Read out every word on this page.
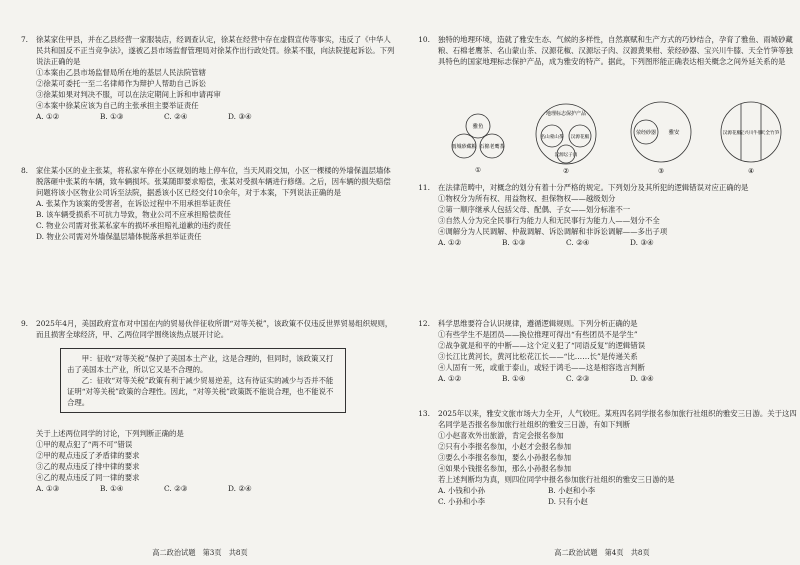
7. 徐某家住甲县，并在乙县经营一家服装店，经调查认定，徐某在经营中存在虚假宣传等事实，违反了《中华人民共和国反不正当竞争法》，遂被乙县市场监督管理局对徐某作出行政处罚。徐某不服，向法院提起诉讼。下列说法正确的是
①本案由乙县市场监督局所在地的基层人民法院管辖
②徐某可委托一至二名律师作为辩护人帮助自己诉讼
③徐某如果对判决不服，可以在法定期间上诉和申请再审
④本案中徐某应该为自己的主张承担主要举证责任
A. ①②	B. ①③	C. ②④	D. ③④
8. 家住某小区的业主张某，将私家车停在小区规划的地上停车位，当天风雨交加，小区一棵楼的外墙保温层墙体脱落砸中张某的车辆，致车辆损坏。张某随即要求赔偿，张某对受损车辆进行修缮。之后，因车辆的损失赔偿问题将该小区物业公司诉至法院，据悉该小区已经交付10余年，对于本案，下列说法正确的是
A. 张某作为该案的受害者，在诉讼过程中不用承担举证责任
B. 该车辆受损系不可抗力导致，物业公司不应承担赔偿责任
C. 物业公司需对张某私家车的损坏承担赔礼道歉的违约责任
D. 物业公司需对外墙保温层墙体脱落承担举证责任
9. 2025年4月，美国政府宣布对中国在内的贸易伙伴征收所谓“对等关税”，该政策不仅违反世界贸易组织规则，而且损害全球经济，甲、乙两位同学围绕该热点展开讨论。

甲：征收“对等关税”保护了美国本土产业，这是合理的，但同时，该政策又打击了美国本土产业，所以它又是不合理的。

乙：征收“对等关税”政策有利于减少贸易逆差，这有待证实的减少与否并不能证明“对等关税”政策的合理性。因此，“对等关税”政策既不能说合理，也不能说不合理。

关于上述两位同学的讨论，下列判断正确的是
①甲的观点犯了“两不可”错误
②甲的观点违反了矛盾律的要求
③乙的观点违反了排中律的要求
④乙的观点违反了同一律的要求
A. ①③	B. ①④	C. ②③	D. ②④
高二政治试题　第3页　共8页
10. 独特的地理环境，造就了雅安生态、气候的多样性，自然禀赋和生产方式的巧妙结合，孕育了雅鱼、雨城砂藏粮、石棉老鹰茶、名山蒙山茶、汉源花椒、汉源坛子肉、汉源黄果柑、荥经砂器、宝兴川牛膝、天全竹笋等独具特色的国家地理标志保护产品，成为雅安的特产。据此，下列图形能正确表达相关概念之间外延关系的是
雅鱼
雨城砂藏粮 石棉老鹰茶
①
地理标志保护产品
名山蒙山茶 汉源花椒
汉源坛子肉
②
荥经砂器 雅安
③
汉源花椒
宝兴川牛膝
天全竹笋
④
11. 在法律范畴中，对概念的划分有着十分严格的规定。下列划分及其所犯的逻辑错误对应正确的是
①物权分为所有权、用益物权、担保物权——越级划分
②第一顺序继承人包括父母、配偶、子女——划分标准不一
③自然人分为完全民事行为能力人和无民事行为能力人——划分不全
④调解分为人民调解、仲裁调解、诉讼调解和非诉讼调解——多出子项
A. ①②	B. ①③	C. ②④	D. ③④
12. 科学思维要符合认识规律，遵循逻辑规则。下列分析正确的是
①有些学生不是团员——换位推理可得出“有些团员不是学生”
②战争就是和平的中断——这个定义犯了“同语反复”的逻辑错误
③长江比黄河长，黄河比松花江长——“比……长”是传递关系
④人固有一死，或重于泰山，或轻于鸿毛——这是相容选言判断
A. ①②	B. ①④	C. ②③	D. ③④
13. 2025年以来，雅安文旅市场大力全开，人气较旺。某班四名同学报名参加旅行社组织的雅安三日游。关于这四名同学是否报名参加旅行社组织的雅安三日游，有如下判断
①小赵喜欢外出旅游，肯定会报名参加
②只有小李报名参加，小赵才会报名参加
③要么小李报名参加，要么小孙报名参加
④如果小钱报名参加，那么小孙报名参加
若上述判断均为真，则四位同学中报名参加旅行社组织的雅安三日游的是
A. 小钱和小孙	B. 小赵和小李
C. 小孙和小李	D. 只有小赵
高二政治试题　第4页　共8页
